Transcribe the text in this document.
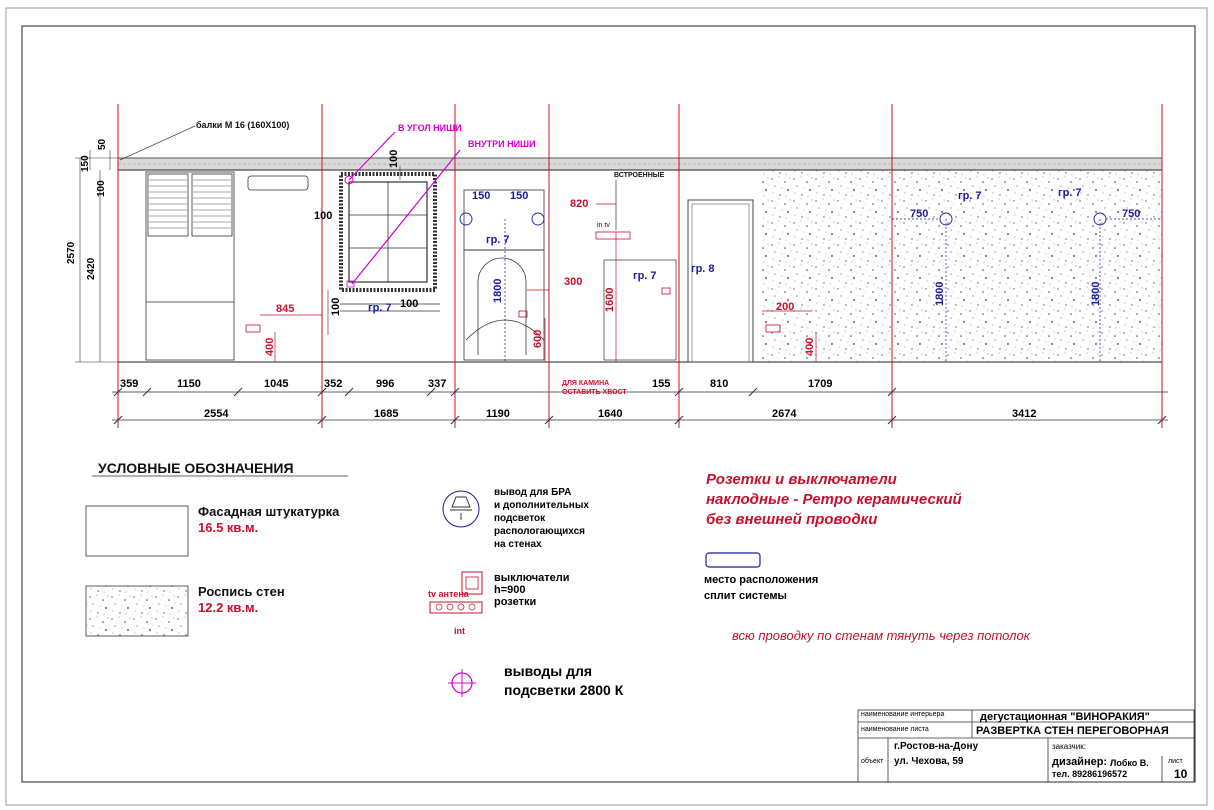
балки М 16 (160Х100)	В УГОЛ НИШИ
ВНУТРИ НИШИ
ВСТРОЕННЫЕ
ДЛЯ КАМИНА
ОСТАВИТЬ ХВОСТ
in tv
2570
2420
150
100
50
гр. 7
гр. 7
гр. 7
гр. 8
гр. 7	гр. 7
845
400
820
300
1600
600
200
400
150 150
1800
750	750
1800	1800
100
100
100	100
359	1150	1045	352	996	337	155	810	1709
2554	1685	1190	1640	2674	3412
УСЛОВНЫЕ ОБОЗНАЧЕНИЯ
Фасадная штукатурка
16.5 кв.м.
Роспись стен
12.2 кв.м.
вывод для БРА
и дополнительных
подсветок
распологающихся
на стенах
выключатели
h=900
розетки
tv антена
int
выводы для
подсветки 2800 К
Розетки и выключатели
наклодные - Ретро керамический
без внешней проводки
место расположения
сплит системы
всю проводку по стенам тянуть через потолок
наименование интерьера	дегустационная "ВИНОРАКИЯ"
наименование листа	РАЗВЕРТКА СТЕН ПЕРЕГОВОРНАЯ
г.Ростов-на-Дону	заказчик:
объект ул. Чехова, 59	дизайнер: Лобко В.
тел. 89286196572
лист
10
